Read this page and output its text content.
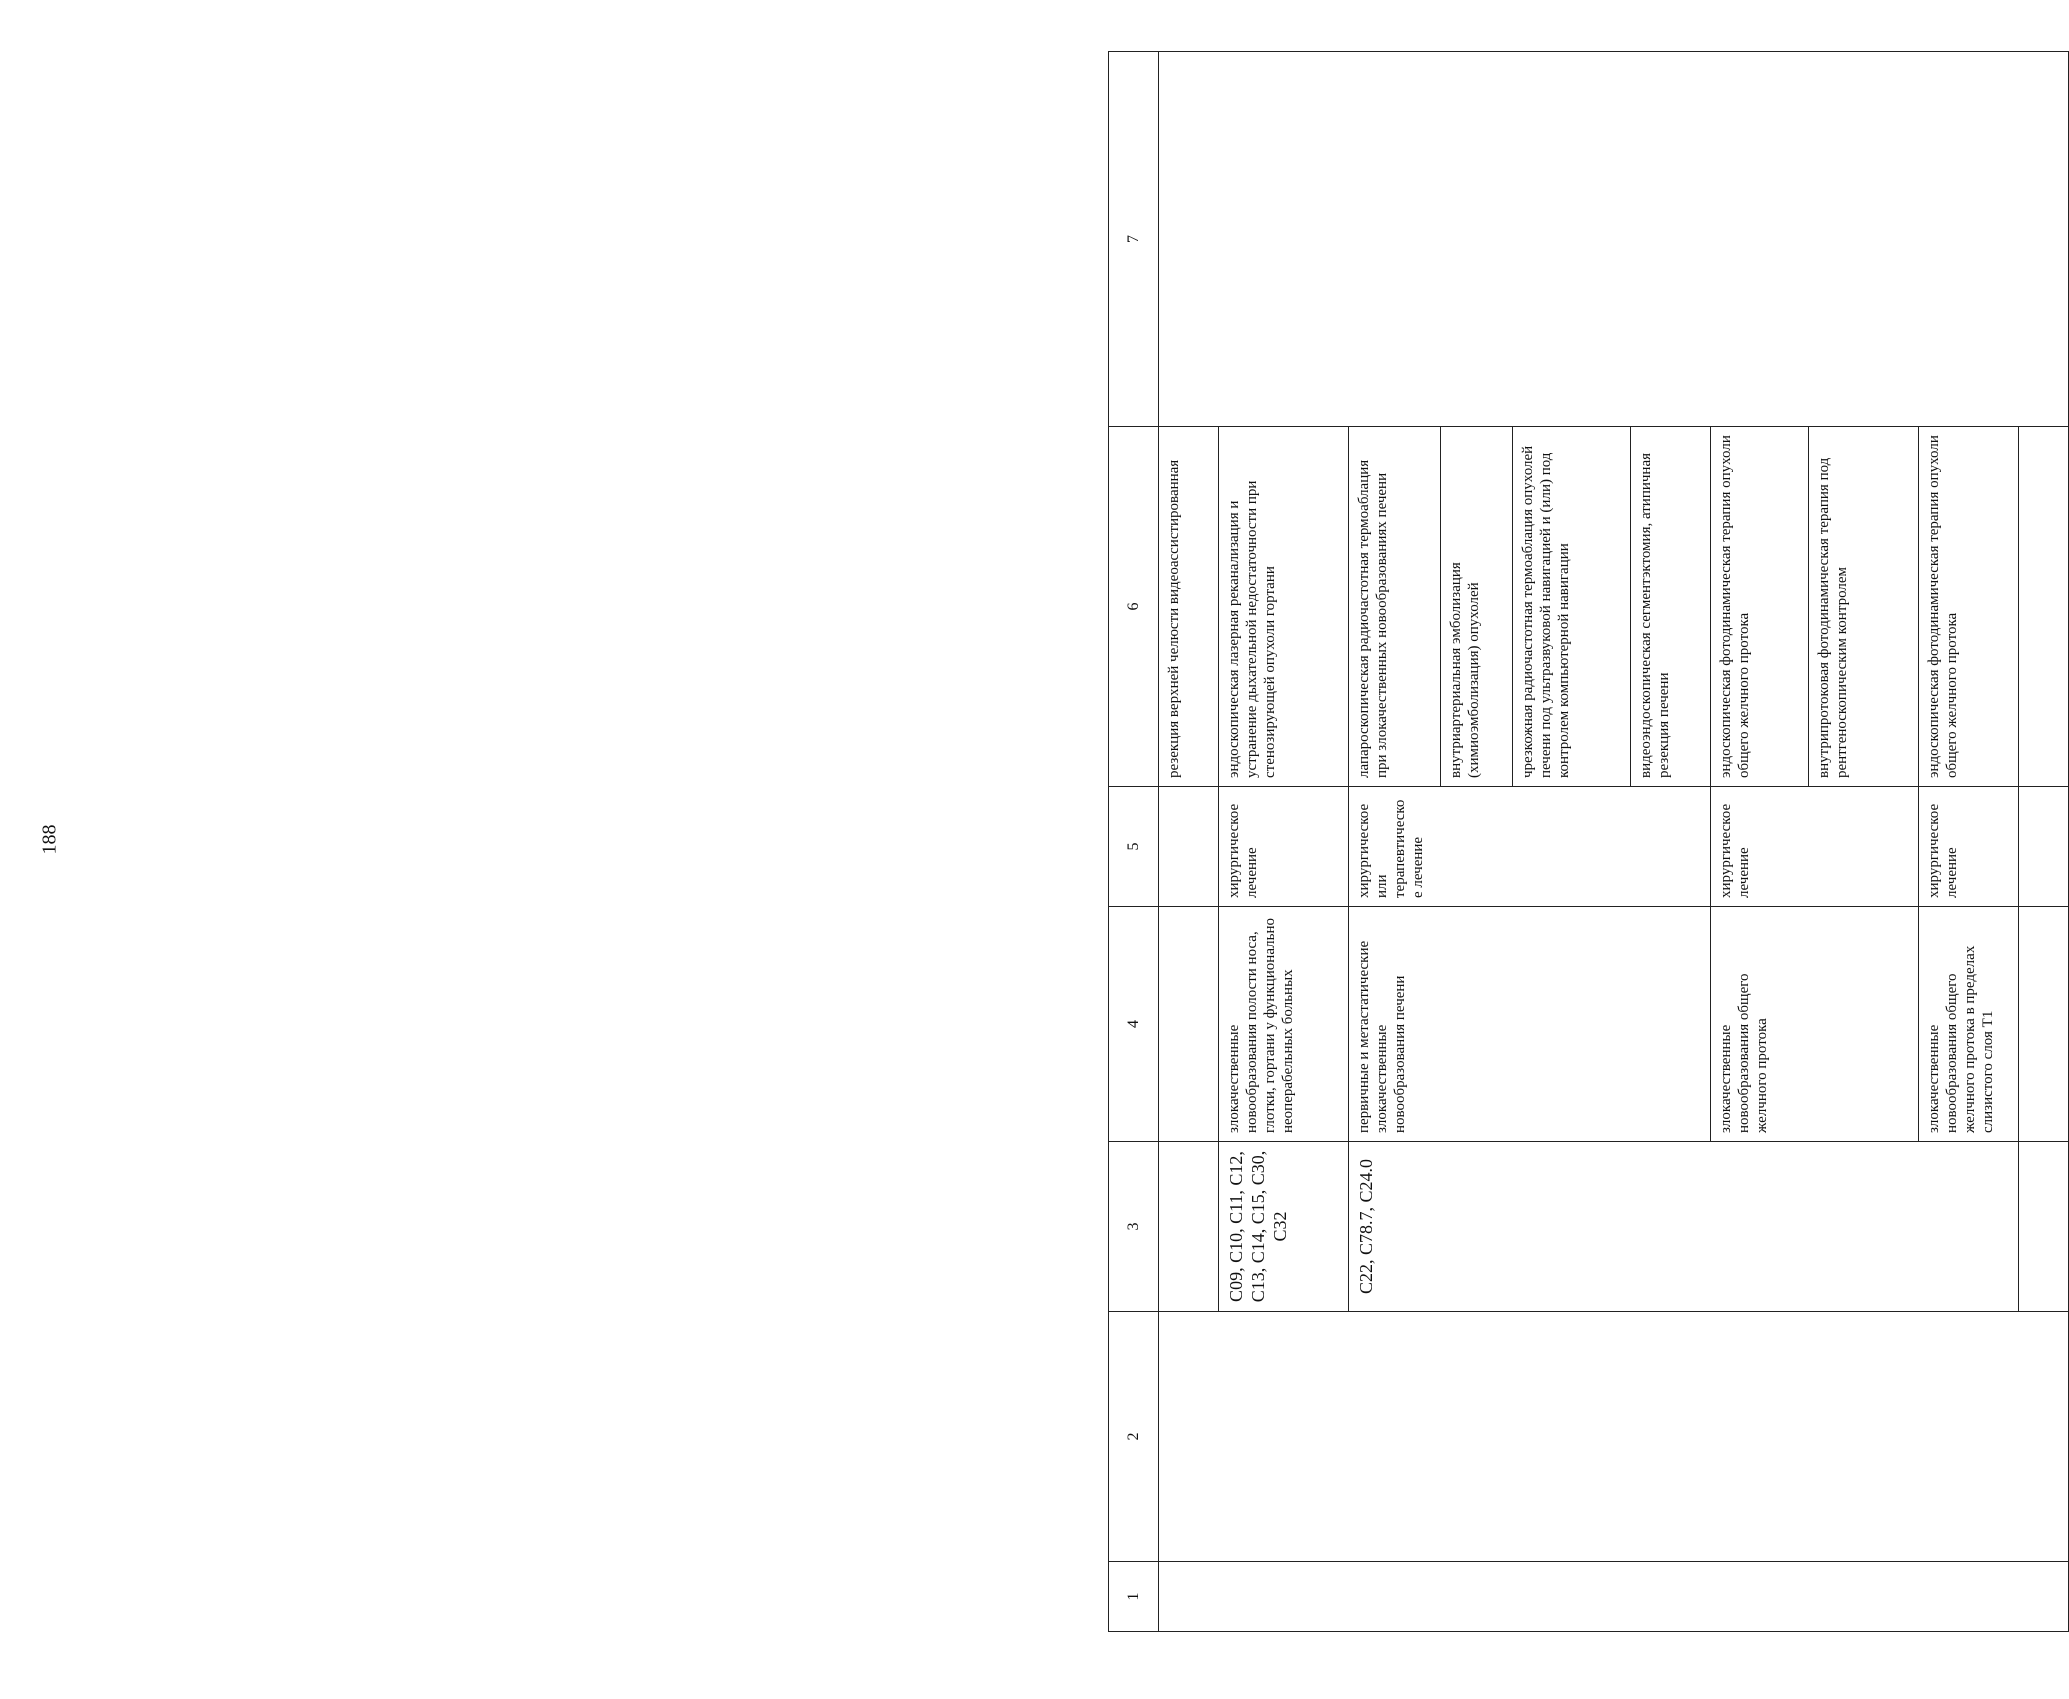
188
1	2	3	4	5	6	7
					резекция верхней челюсти видеоассистированная	
		С09, С10, С11, С12, С13, С14, С15, С30, С32	злокачественные новообразования полости носа, глотки, гортани у функционально неоперабельных больных	хирургическое лечение	эндоскопическая лазерная реканализация и устранение дыхательной недостаточности при стенозирующей опухоли гортани	
		С22, С78.7, С24.0	первичные и метастатические злокачественные новообразования печени	хирургическое или терапевтическое лечение	лапароскопическая радиочастотная термоаблация при злокачественных новообразованиях печени	
					внутриартериальная эмболизация (химиоэмболизация) опухолей	
					чрезкожная радиочастотная термоаблация опухолей печени под ультразвуковой навигацией и (или) под контролем компьютерной навигации	
					видеоэндоскопическая сегментэктомия, атипичная резекция печени	
			злокачественные новообразования общего желчного протока	хирургическое лечение	эндоскопическая фотодинамическая терапия опухоли общего желчного протока	
					внутрипротоковая фотодинамическая терапия под рентгеноскопическим контролем	
			злокачественные новообразования общего желчного протока в пределах слизистого слоя Т1	хирургическое лечение	эндоскопическая фотодинамическая терапия опухоли общего желчного протока	
